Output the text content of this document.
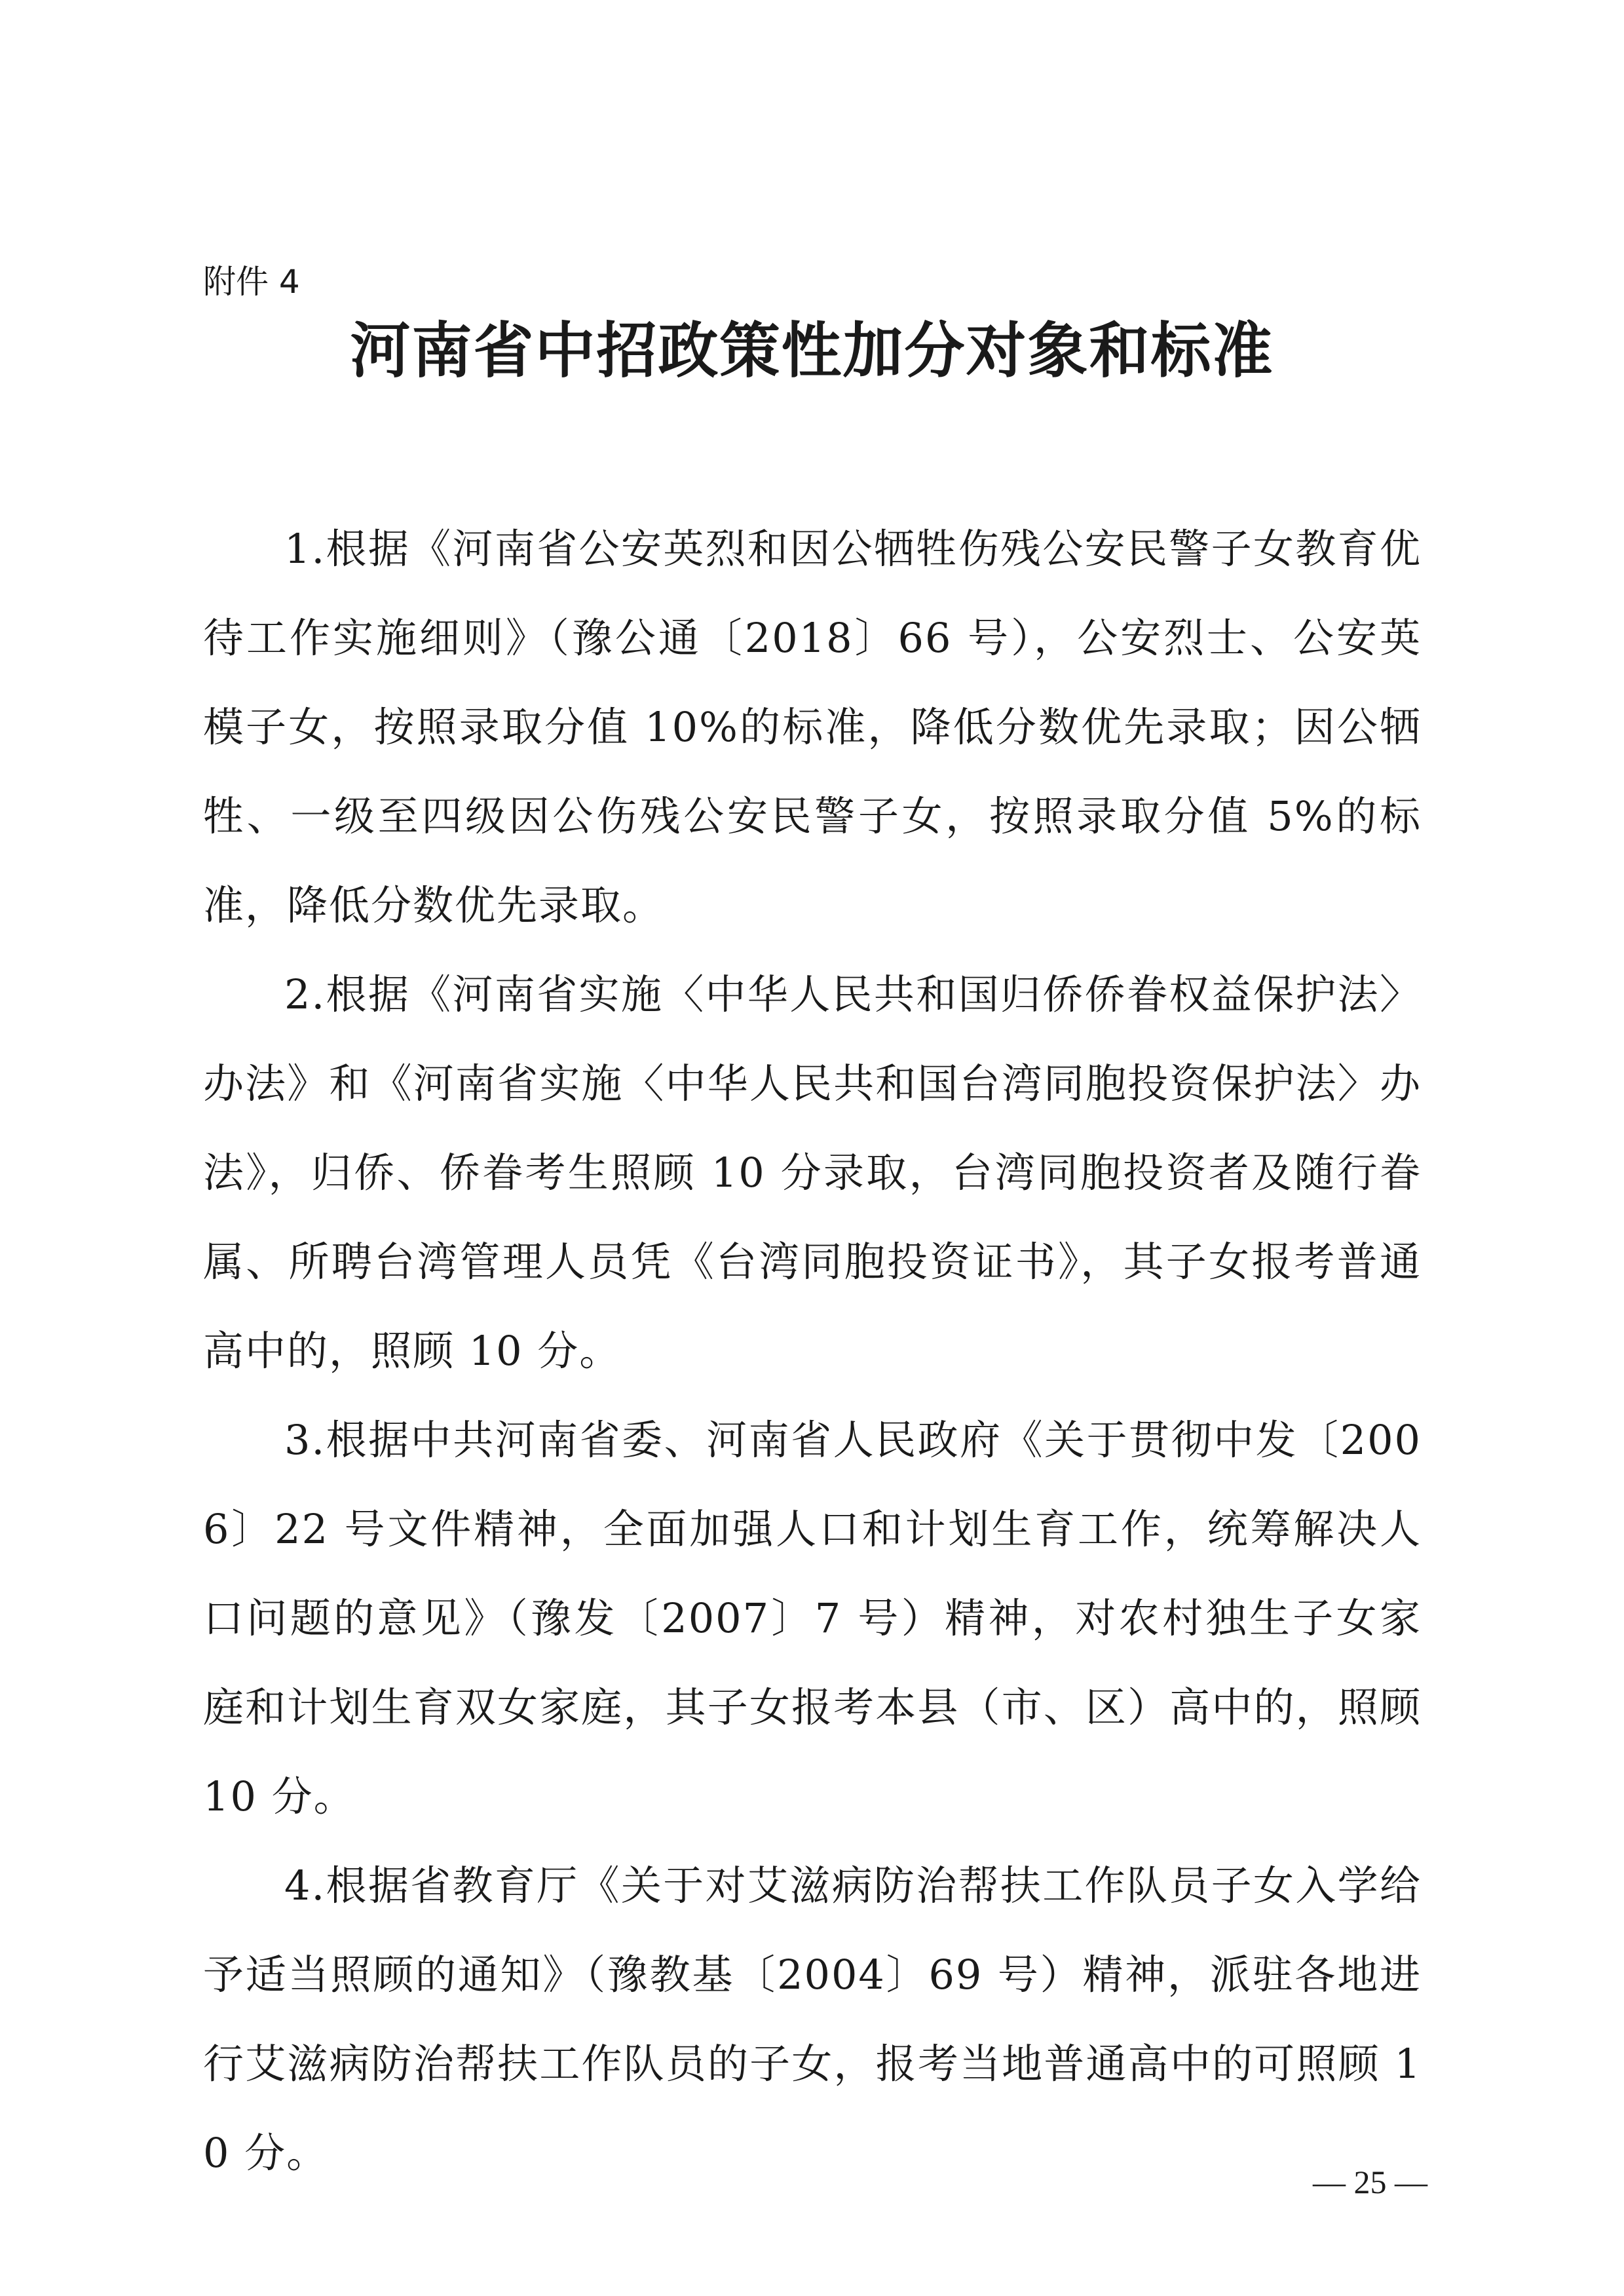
附件 4

河南省中招政策性加分对象和标准

1.根据《河南省公安英烈和因公牺牲伤残公安民警子女教育优待工作实施细则》（豫公通〔2018〕66 号），公安烈士、公安英模子女，按照录取分值 10%的标准，降低分数优先录取；因公牺牲、一级至四级因公伤残公安民警子女，按照录取分值 5%的标准，降低分数优先录取。

2.根据《河南省实施〈中华人民共和国归侨侨眷权益保护法〉办法》和《河南省实施〈中华人民共和国台湾同胞投资保护法〉办法》，归侨、侨眷考生照顾 10 分录取，台湾同胞投资者及随行眷属、所聘台湾管理人员凭《台湾同胞投资证书》，其子女报考普通高中的，照顾 10 分。

3.根据中共河南省委、河南省人民政府《关于贯彻中发〔2006〕22 号文件精神，全面加强人口和计划生育工作，统筹解决人口问题的意见》（豫发〔2007〕7 号）精神，对农村独生子女家庭和计划生育双女家庭，其子女报考本县（市、区）高中的，照顾 10 分。

4.根据省教育厅《关于对艾滋病防治帮扶工作队员子女入学给予适当照顾的通知》（豫教基〔2004〕69 号）精神，派驻各地进行艾滋病防治帮扶工作队员的子女，报考当地普通高中的可照顾 10 分。

— 25 —
